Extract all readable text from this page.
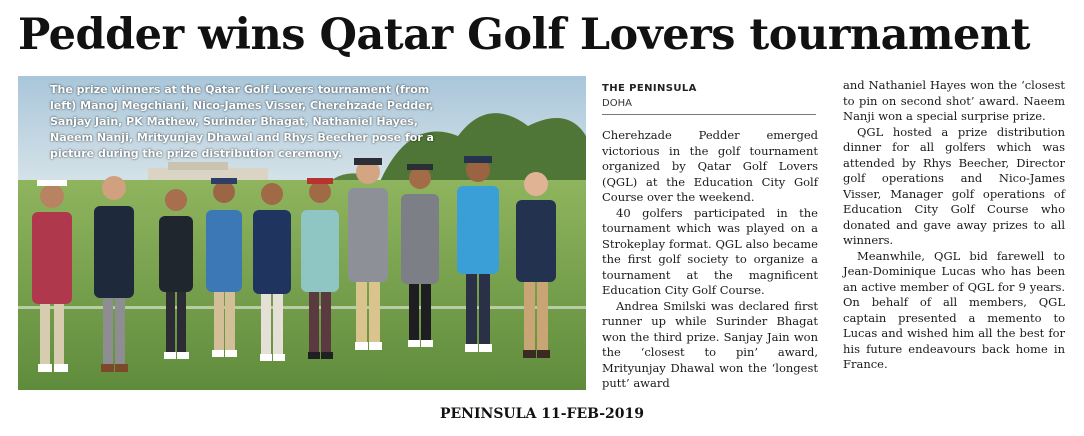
Pedder wins Qatar Golf Lovers tournament

The prize winners at the Qatar Golf Lovers tournament (from left) Manoj Megchiani, Nico-James Visser, Cherehzade Pedder, Sanjay Jain, PK Mathew, Surinder Bhagat, Nathaniel Hayes, Naeem Nanji, Mrityunjay Dhawal and Rhys Beecher pose for a picture during the prize distribution ceremony.

THE PENINSULA
DOHA

Cherehzade Pedder emerged victorious in the golf tournament organized by Qatar Golf Lovers (QGL) at the Education City Golf Course over the weekend.

40 golfers participated in the tournament which was played on a Strokeplay format. QGL also became the first golf society to organize a tournament at the magnificent Education City Golf Course.

Andrea Smilski was declared first runner up while Surinder Bhagat won the third prize. Sanjay Jain won the ‘closest to pin’ award, Mrityunjay Dhawal won the ‘longest putt’ award

and Nathaniel Hayes won the ‘closest to pin on second shot’ award. Naeem Nanji won a special surprise prize.

QGL hosted a prize distribution dinner for all golfers which was attended by Rhys Beecher, Director golf operations and Nico-James Visser, Manager golf operations of Education City Golf Course who donated and gave away prizes to all winners.

Meanwhile, QGL bid farewell to Jean-Dominique Lucas who has been an active member of QGL for 9 years. On behalf of all members, QGL captain presented a memento to Lucas and wished him all the best for his future endeavours back home in France.

PENINSULA 11-FEB-2019
